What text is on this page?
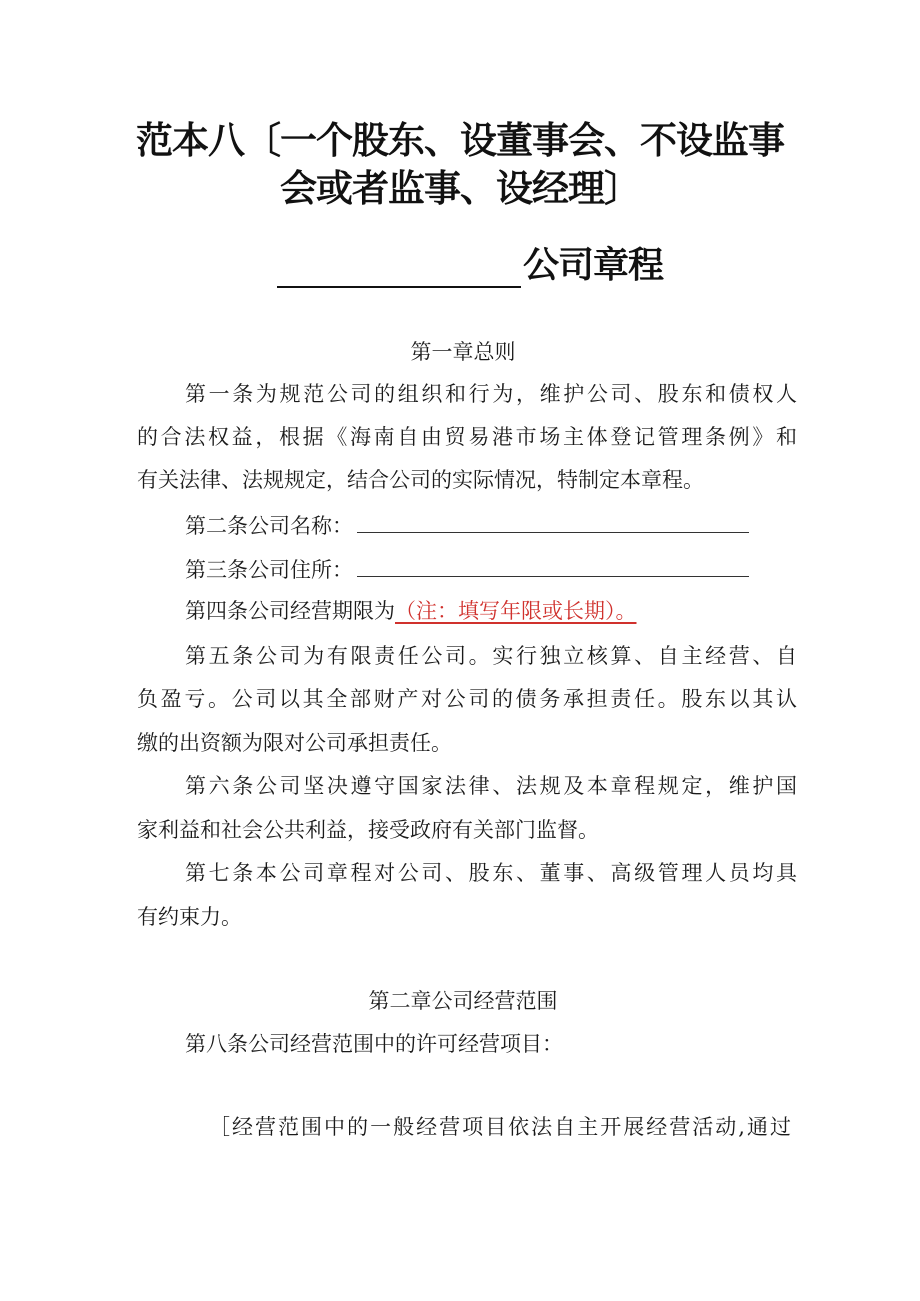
范本八〔一个股东、设董事会、不设监事
会或者监事、设经理〕
公司章程
第一章总则
第一条为规范公司的组织和行为，维护公司、股东和债权人
的合法权益，根据《海南自由贸易港市场主体登记管理条例》和
有关法律、法规规定，结合公司的实际情况，特制定本章程。
第二条公司名称：
第三条公司住所：
第四条公司经营期限为（注：填写年限或长期）。
第五条公司为有限责任公司。实行独立核算、自主经营、自
负盈亏。公司以其全部财产对公司的债务承担责任。股东以其认
缴的出资额为限对公司承担责任。
第六条公司坚决遵守国家法律、法规及本章程规定，维护国
家利益和社会公共利益，接受政府有关部门监督。
第七条本公司章程对公司、股东、董事、高级管理人员均具
有约束力。
第二章公司经营范围
第八条公司经营范围中的许可经营项目：
［经营范围中的一般经营项目依法自主开展经营活动,通过
